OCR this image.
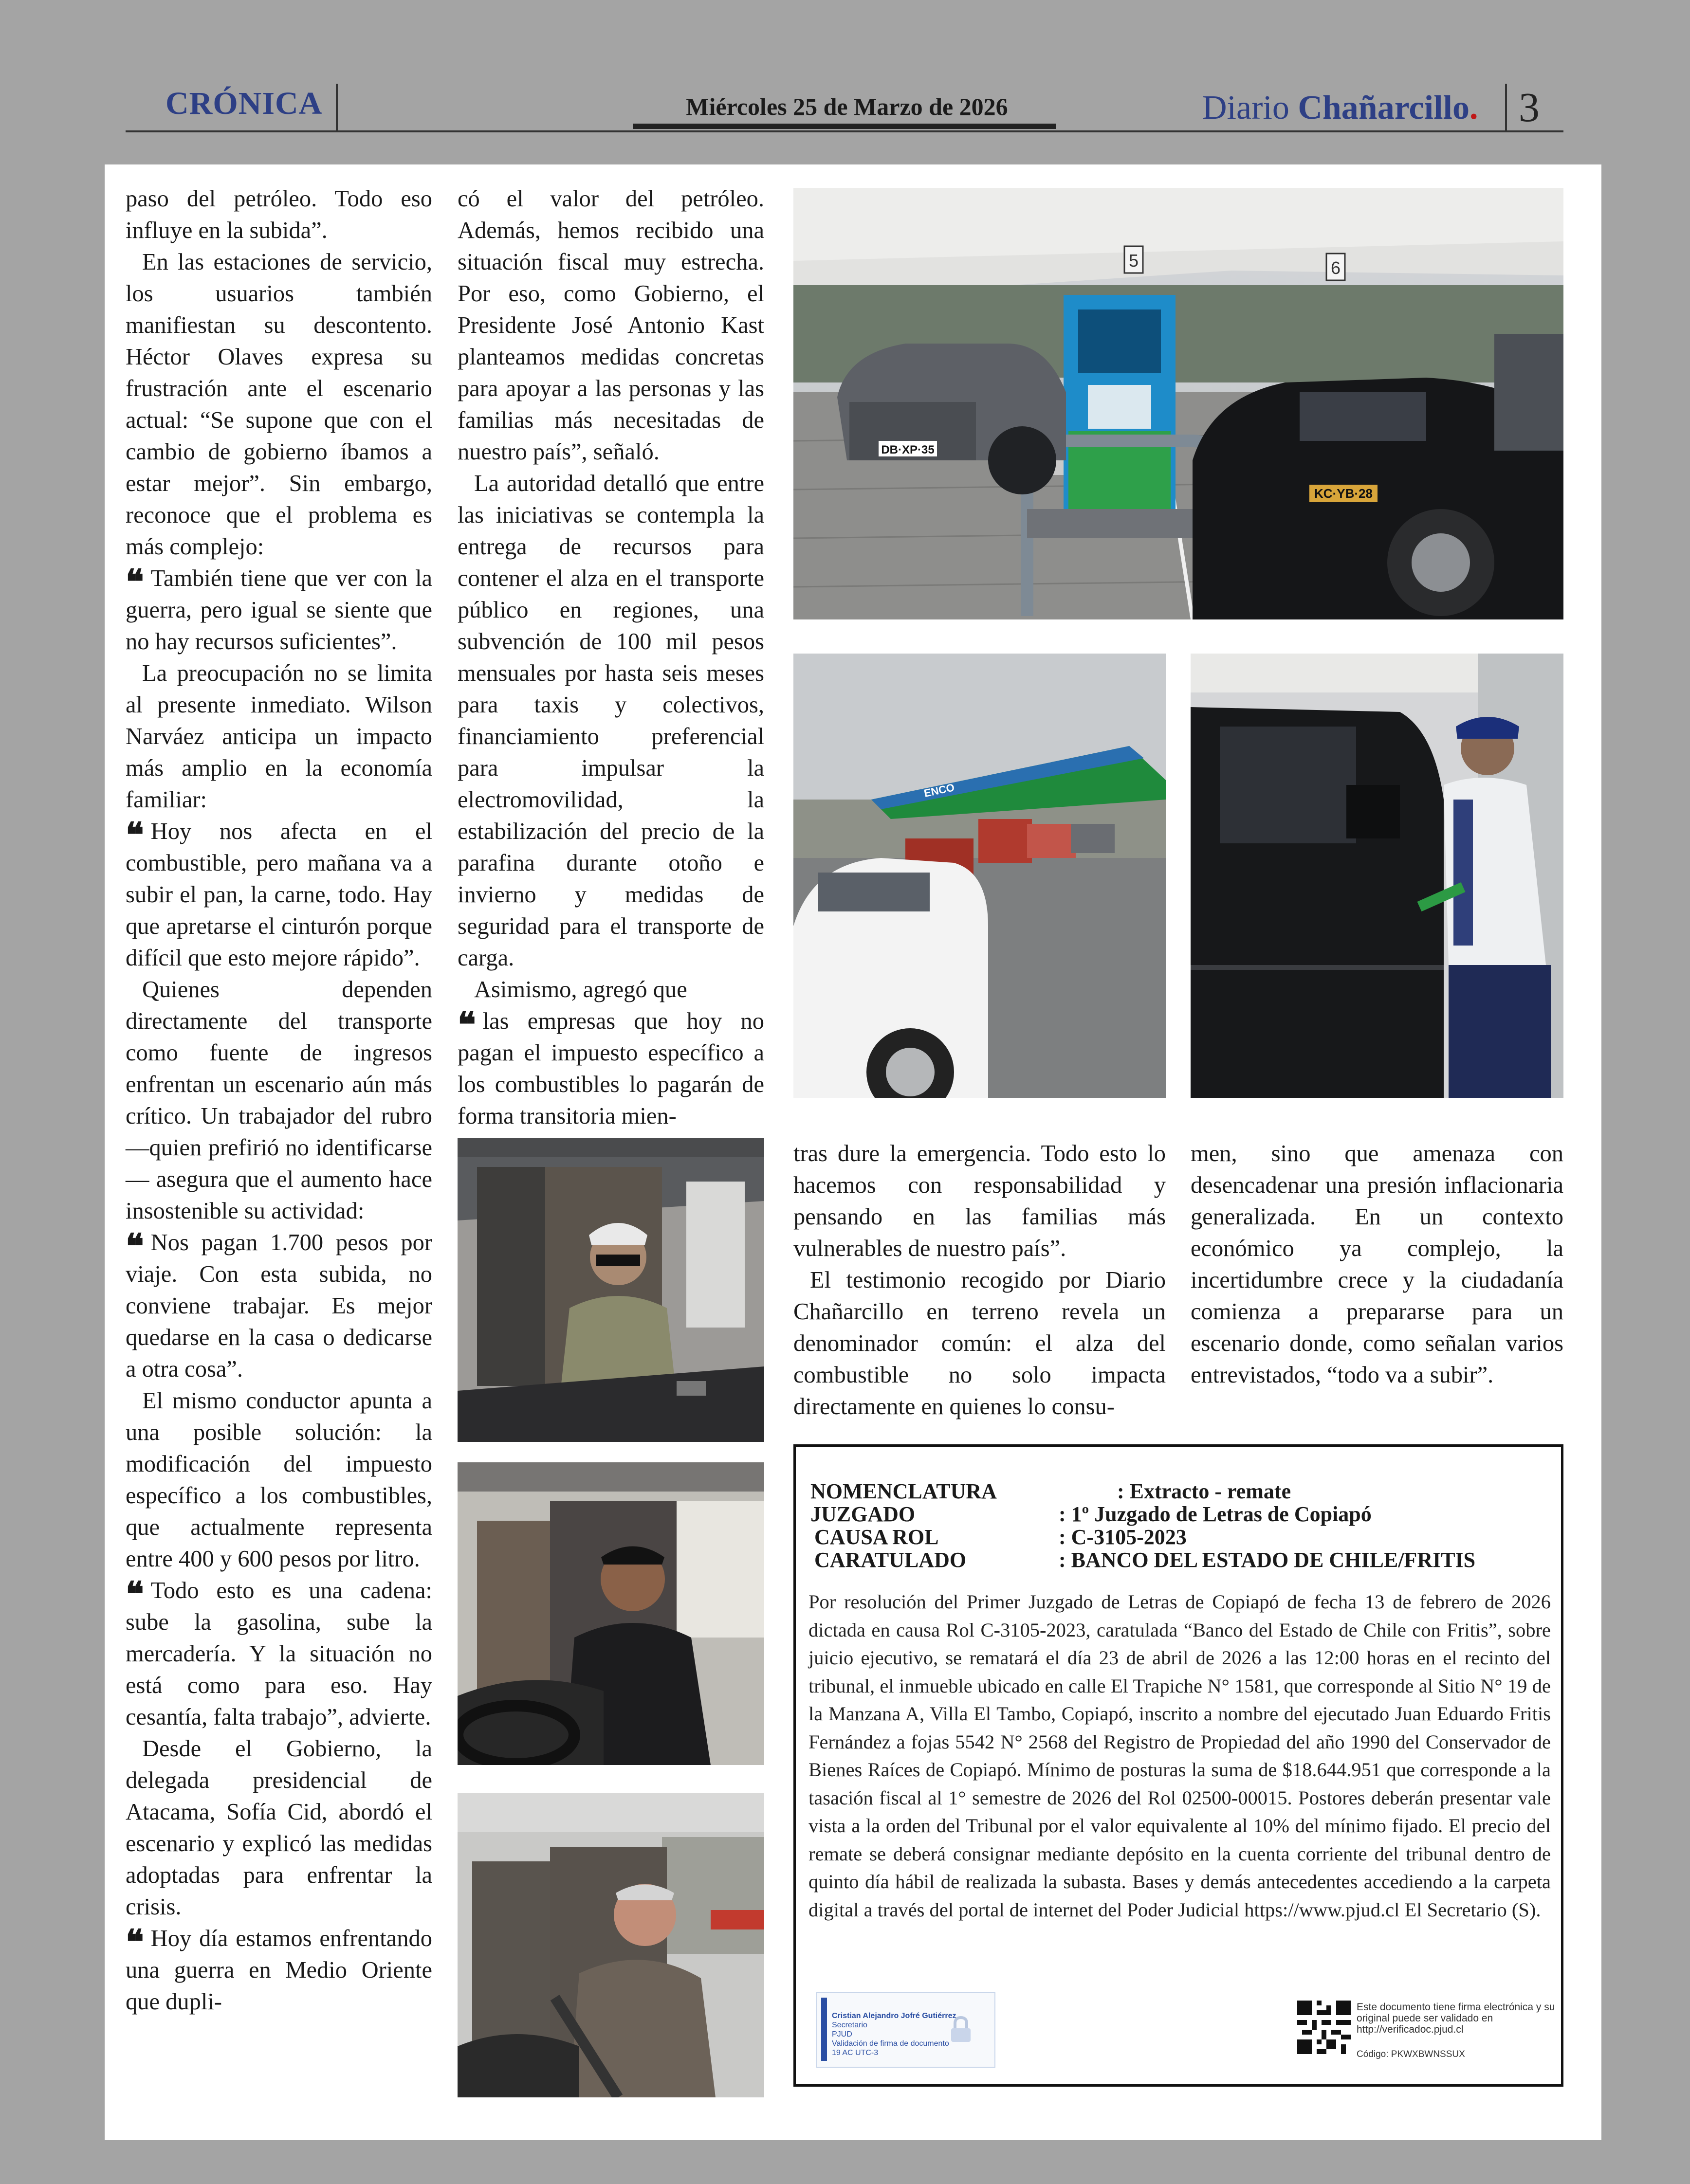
CRÓNICA	Miércoles 25 de Marzo de 2026	Diario Chañarcillo. 3

paso del petróleo. Todo eso influye en la subida”.

En las estaciones de servicio, los usuarios también manifiestan su descontento. Héctor Olaves expresa su frustración ante el escenario actual: “Se supone que con el cambio de gobierno íbamos a estar mejor”. Sin embargo, reconoce que el problema es más complejo:

❝ También tiene que ver con la guerra, pero igual se siente que no hay recursos suficientes”.

La preocupación no se limita al presente inmediato. Wilson Narváez anticipa un impacto más amplio en la economía familiar:

❝ Hoy nos afecta en el combustible, pero mañana va a subir el pan, la carne, todo. Hay que apretarse el cinturón porque difícil que esto mejore rápido”.

Quienes dependen directamente del transporte como fuente de ingresos enfrentan un escenario aún más crítico. Un trabajador del rubro —quien prefirió no identificarse— asegura que el aumento hace insostenible su actividad:

❝ Nos pagan 1.700 pesos por viaje. Con esta subida, no conviene trabajar. Es mejor quedarse en la casa o dedicarse a otra cosa”.

El mismo conductor apunta a una posible solución: la modificación del impuesto específico a los combustibles, que actualmente representa entre 400 y 600 pesos por litro.

❝ Todo esto es una cadena: sube la gasolina, sube la mercadería. Y la situación no está como para eso. Hay cesantía, falta trabajo”, advierte.

Desde el Gobierno, la delegada presidencial de Atacama, Sofía Cid, abordó el escenario y explicó las medidas adoptadas para enfrentar la crisis.

❝ Hoy día estamos enfrentando una guerra en Medio Oriente que dupli-

có el valor del petróleo. Además, hemos recibido una situación fiscal muy estrecha. Por eso, como Gobierno, el Presidente José Antonio Kast planteamos medidas concretas para apoyar a las personas y las familias más necesitadas de nuestro país”, señaló.

La autoridad detalló que entre las iniciativas se contempla la entrega de recursos para contener el alza en el transporte público en regiones, una subvención de 100 mil pesos mensuales por hasta seis meses para taxis y colectivos, financiamiento preferencial para impulsar la electromovilidad, la estabilización del precio de la parafina durante otoño e invierno y medidas de seguridad para el transporte de carga.

Asimismo, agregó que

❝ las empresas que hoy no pagan el impuesto específico a los combustibles lo pagarán de forma transitoria mien-

tras dure la emergencia. Todo esto lo hacemos con responsabilidad y pensando en las familias más vulnerables de nuestro país”.

El testimonio recogido por Diario Chañarcillo en terreno revela un denominador común: el alza del combustible no solo impacta directamente en quienes lo consu-

men, sino que amenaza con desencadenar una presión inflacionaria generalizada. En un contexto económico ya complejo, la incertidumbre crece y la ciudadanía comienza a prepararse para un escenario donde, como señalan varios entrevistados, “todo va a subir”.

5	6
DB·XP·35
KC·YB·28
ENCO
NOMENCLATURA	: Extracto - remate
JUZGADO	: 1º Juzgado de Letras de Copiapó
CAUSA ROL	: C-3105-2023
CARATULADO	: BANCO DEL ESTADO DE CHILE/FRITIS
Por resolución del Primer Juzgado de Letras de Copiapó de fecha 13 de febrero de 2026 dictada en causa Rol C-3105-2023, caratulada “Banco del Estado de Chile con Fritis”, sobre juicio ejecutivo, se rematará el día 23 de abril de 2026 a las 12:00 horas en el recinto del tribunal, el inmueble ubicado en calle El Trapiche N° 1581, que corresponde al Sitio N° 19 de la Manzana A, Villa El Tambo, Copiapó, inscrito a nombre del ejecutado Juan Eduardo Fritis Fernández a fojas 5542 N° 2568 del Registro de Propiedad del año 1990 del Conservador de Bienes Raíces de Copiapó. Mínimo de posturas la suma de $18.644.951 que corresponde a la tasación fiscal al 1° semestre de 2026 del Rol 02500-00015. Postores deberán presentar vale vista a la orden del Tribunal por el valor equivalente al 10% del mínimo fijado. El precio del remate se deberá consignar mediante depósito en la cuenta corriente del tribunal dentro de quinto día hábil de realizada la subasta. Bases y demás antecedentes accediendo a la carpeta digital a través del portal de internet del Poder Judicial https://www.pjud.cl El Secretario (S).
Cristian Alejandro Jofré Gutiérrez
Secretario
PJUD
Validación de firma de documento
19 AC UTC-3
Este documento tiene firma electrónica y su original puede ser validado en http://verificadoc.pjud.cl
Código: PKWXBWNSSUX
